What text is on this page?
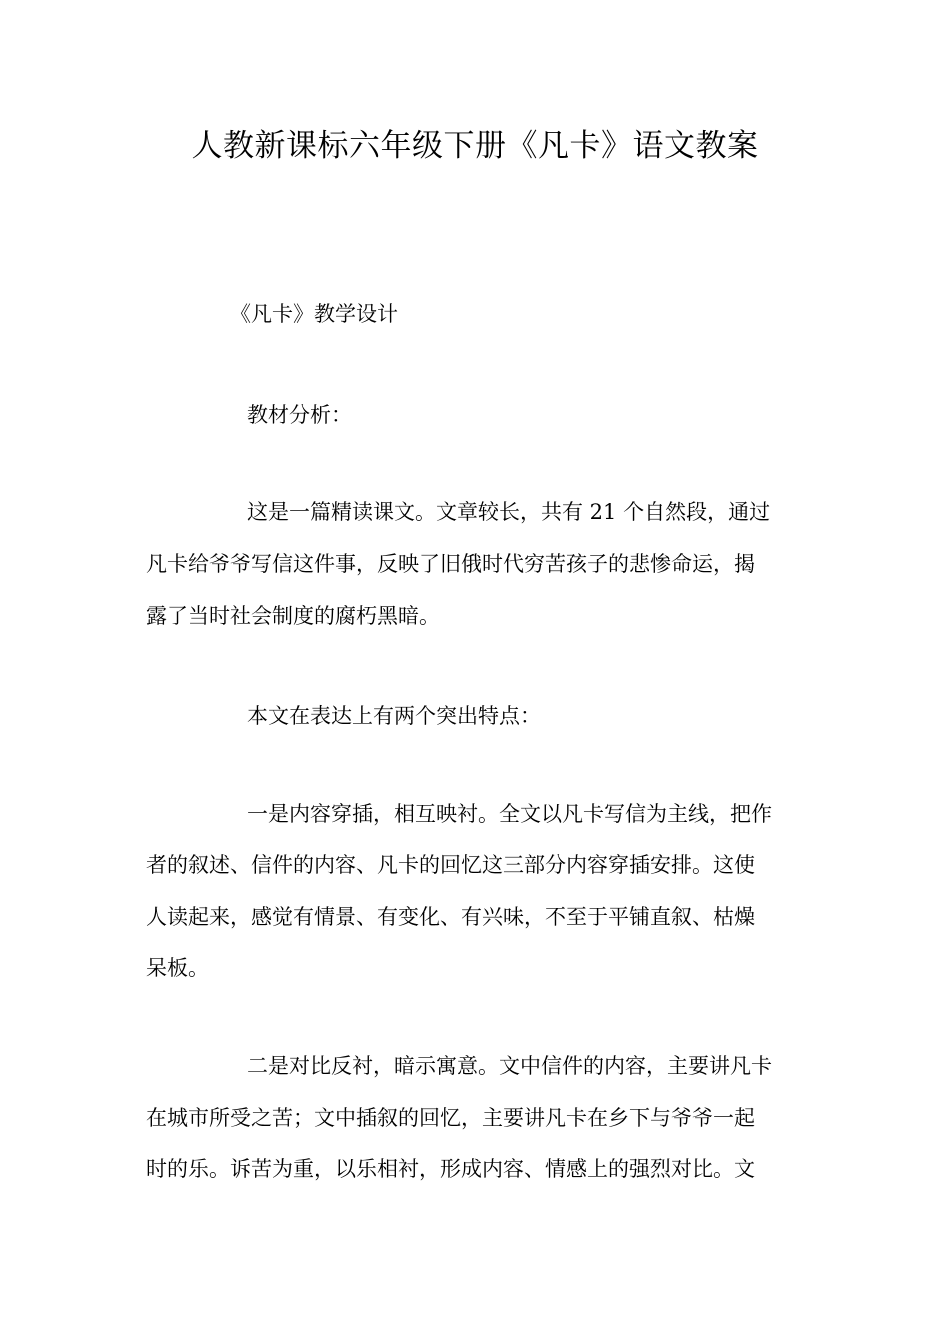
人教新课标六年级下册《凡卡》语文教案

《凡卡》教学设计

教材分析：

这是一篇精读课文。文章较长，共有 21 个自然段，通过

凡卡给爷爷写信这件事，反映了旧俄时代穷苦孩子的悲惨命运，揭

露了当时社会制度的腐朽黑暗。

本文在表达上有两个突出特点：

一是内容穿插，相互映衬。全文以凡卡写信为主线，把作

者的叙述、信件的内容、凡卡的回忆这三部分内容穿插安排。这使

人读起来，感觉有情景、有变化、有兴味，不至于平铺直叙、枯燥

呆板。

二是对比反衬，暗示寓意。文中信件的内容，主要讲凡卡

在城市所受之苦；文中插叙的回忆，主要讲凡卡在乡下与爷爷一起

时的乐。诉苦为重，以乐相衬，形成内容、情感上的强烈对比。文
